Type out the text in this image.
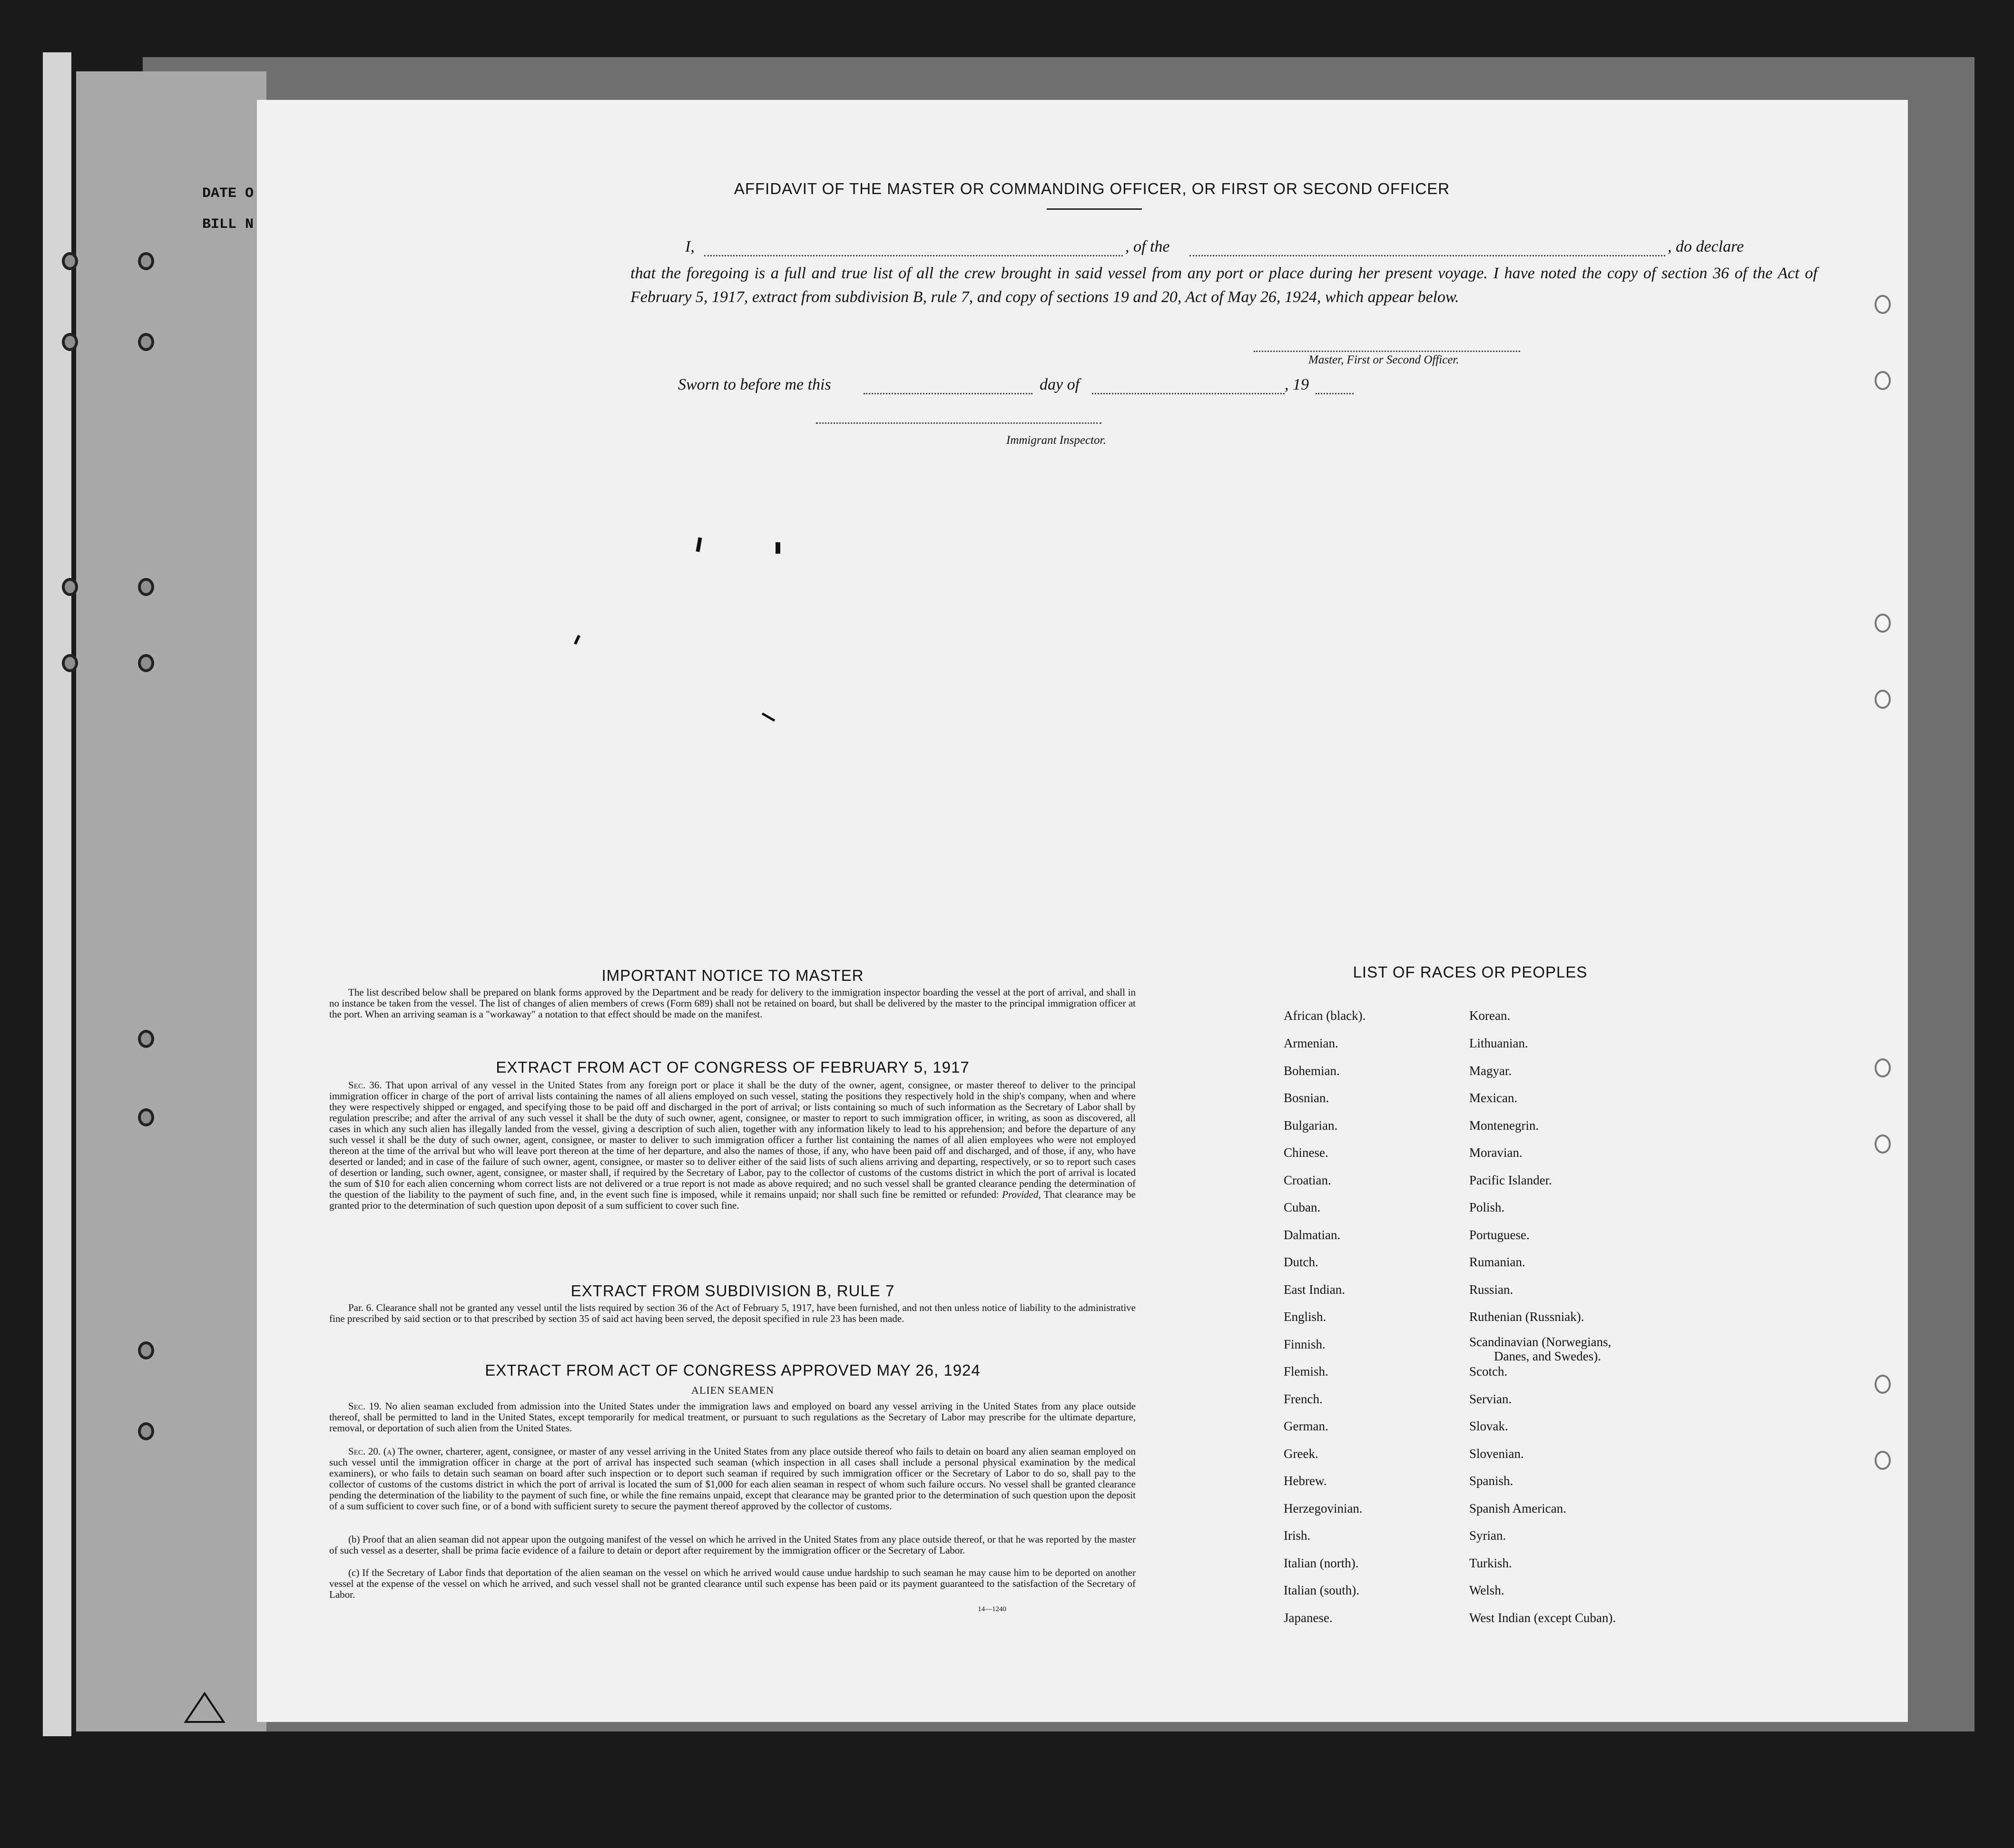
DATE O
BILL N
AFFIDAVIT OF THE MASTER OR COMMANDING OFFICER, OR FIRST OR SECOND OFFICER
I,	, of the	, do declare
that the foregoing is a full and true list of all the crew brought in said vessel from any port or place during her present voyage. I have noted the copy of section 36 of the Act of February 5, 1917, extract from subdivision B, rule 7, and copy of sections 19 and 20, Act of May 26, 1924, which appear below.
Master, First or Second Officer.
Sworn to before me this	day of	, 19
Immigrant Inspector.
IMPORTANT NOTICE TO MASTER
The list described below shall be prepared on blank forms approved by the Department and be ready for delivery to the immigration inspector boarding the vessel at the port of arrival, and shall in no instance be taken from the vessel. The list of changes of alien members of crews (Form 689) shall not be retained on board, but shall be delivered by the master to the principal immigration officer at the port. When an arriving seaman is a "workaway" a notation to that effect should be made on the manifest.
EXTRACT FROM ACT OF CONGRESS OF FEBRUARY 5, 1917
Sec. 36. That upon arrival of any vessel in the United States from any foreign port or place it shall be the duty of the owner, agent, consignee, or master thereof to deliver to the principal immigration officer in charge of the port of arrival lists containing the names of all aliens employed on such vessel, stating the positions they respectively hold in the ship's company, when and where they were respectively shipped or engaged, and specifying those to be paid off and discharged in the port of arrival; or lists containing so much of such information as the Secretary of Labor shall by regulation prescribe; and after the arrival of any such vessel it shall be the duty of such owner, agent, consignee, or master to report to such immigration officer, in writing, as soon as discovered, all cases in which any such alien has illegally landed from the vessel, giving a description of such alien, together with any information likely to lead to his apprehension; and before the departure of any such vessel it shall be the duty of such owner, agent, consignee, or master to deliver to such immigration officer a further list containing the names of all alien employees who were not employed thereon at the time of the arrival but who will leave port thereon at the time of her departure, and also the names of those, if any, who have been paid off and discharged, and of those, if any, who have deserted or landed; and in case of the failure of such owner, agent, consignee, or master so to deliver either of the said lists of such aliens arriving and departing, respectively, or so to report such cases of desertion or landing, such owner, agent, consignee, or master shall, if required by the Secretary of Labor, pay to the collector of customs of the customs district in which the port of arrival is located the sum of $10 for each alien concerning whom correct lists are not delivered or a true report is not made as above required; and no such vessel shall be granted clearance pending the determination of the question of the liability to the payment of such fine, and, in the event such fine is imposed, while it remains unpaid; nor shall such fine be remitted or refunded: Provided, That clearance may be granted prior to the determination of such question upon deposit of a sum sufficient to cover such fine.
EXTRACT FROM SUBDIVISION B, RULE 7
Par. 6. Clearance shall not be granted any vessel until the lists required by section 36 of the Act of February 5, 1917, have been furnished, and not then unless notice of liability to the administrative fine prescribed by said section or to that prescribed by section 35 of said act having been served, the deposit specified in rule 23 has been made.
EXTRACT FROM ACT OF CONGRESS APPROVED MAY 26, 1924
ALIEN SEAMEN
Sec. 19. No alien seaman excluded from admission into the United States under the immigration laws and employed on board any vessel arriving in the United States from any place outside thereof, shall be permitted to land in the United States, except temporarily for medical treatment, or pursuant to such regulations as the Secretary of Labor may prescribe for the ultimate departure, removal, or deportation of such alien from the United States.
Sec. 20. (a) The owner, charterer, agent, consignee, or master of any vessel arriving in the United States from any place outside thereof who fails to detain on board any alien seaman employed on such vessel until the immigration officer in charge at the port of arrival has inspected such seaman (which inspection in all cases shall include a personal physical examination by the medical examiners), or who fails to detain such seaman on board after such inspection or to deport such seaman if required by such immigration officer or the Secretary of Labor to do so, shall pay to the collector of customs of the customs district in which the port of arrival is located the sum of $1,000 for each alien seaman in respect of whom such failure occurs. No vessel shall be granted clearance pending the determination of the liability to the payment of such fine, or while the fine remains unpaid, except that clearance may be granted prior to the determination of such question upon the deposit of a sum sufficient to cover such fine, or of a bond with sufficient surety to secure the payment thereof approved by the collector of customs.
(b) Proof that an alien seaman did not appear upon the outgoing manifest of the vessel on which he arrived in the United States from any place outside thereof, or that he was reported by the master of such vessel as a deserter, shall be prima facie evidence of a failure to detain or deport after requirement by the immigration officer or the Secretary of Labor.
(c) If the Secretary of Labor finds that deportation of the alien seaman on the vessel on which he arrived would cause undue hardship to such seaman he may cause him to be deported on another vessel at the expense of the vessel on which he arrived, and such vessel shall not be granted clearance until such expense has been paid or its payment guaranteed to the satisfaction of the Secretary of Labor.
14—1240
LIST OF RACES OR PEOPLES
African (black).
Armenian.
Bohemian.
Bosnian.
Bulgarian.
Chinese.
Croatian.
Cuban.
Dalmatian.
Dutch.
East Indian.
English.
Finnish.
Flemish.
French.
German.
Greek.
Hebrew.
Herzegovinian.
Irish.
Italian (north).
Italian (south).
Japanese.
Korean.
Lithuanian.
Magyar.
Mexican.
Montenegrin.
Moravian.
Pacific Islander.
Polish.
Portuguese.
Rumanian.
Russian.
Ruthenian (Russniak).
Scandinavian (Norwegians,
Danes, and Swedes).
Scotch.
Servian.
Slovak.
Slovenian.
Spanish.
Spanish American.
Syrian.
Turkish.
Welsh.
West Indian (except Cuban).
